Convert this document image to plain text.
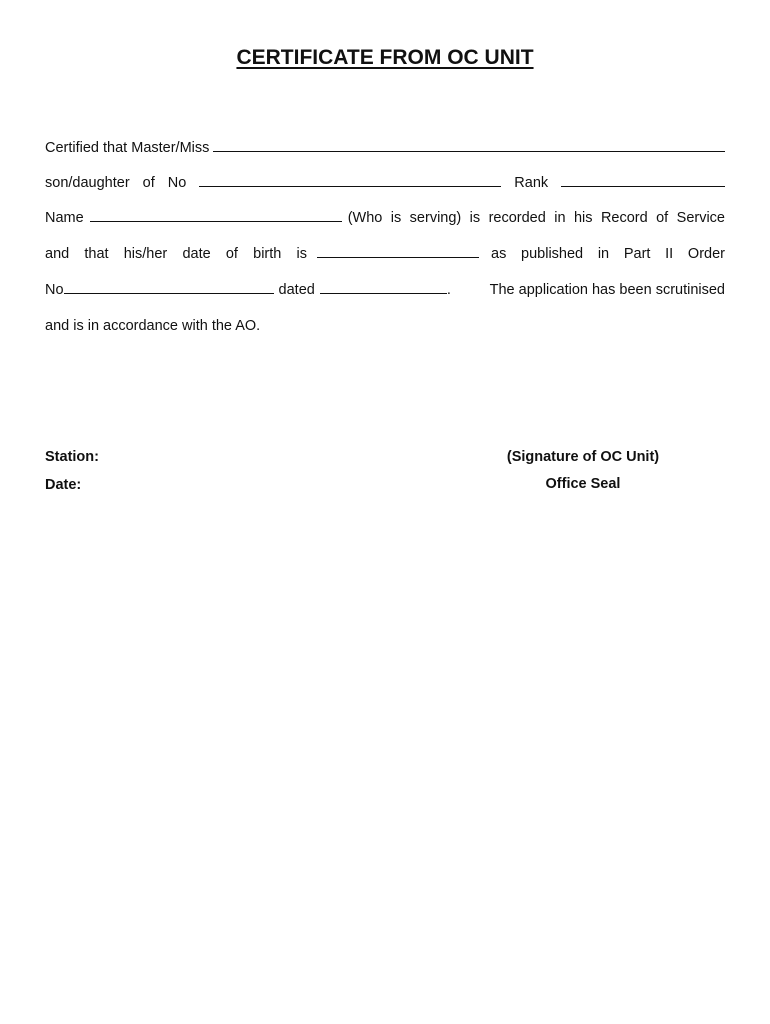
CERTIFICATE FROM OC UNIT
Certified that Master/Miss
son/daughter of No	Rank
Name	(Who is serving) is recorded in his Record of Service
and that his/her date of birth is	as published in Part II Order
No	dated	.	The application has been scrutinised
and is in accordance with the AO.
Station:
Date:
(Signature of OC Unit)
Office Seal
